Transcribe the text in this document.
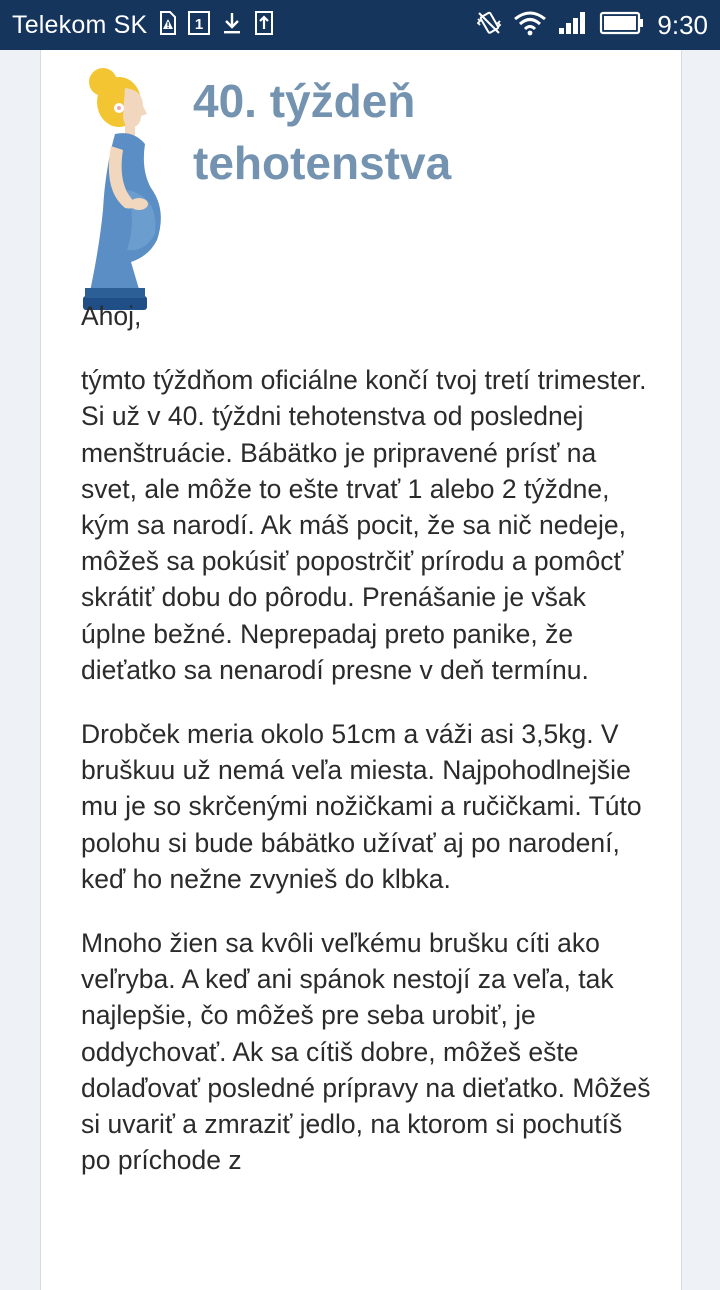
Telekom SK	1	9:30
40. týždeň
tehotenstva

Ahoj,

týmto týždňom oficiálne končí tvoj tretí trimester. Si už v 40. týždni tehotenstva od poslednej menštruácie. Bábätko je pripravené prísť na svet, ale môže to ešte trvať 1 alebo 2 týždne, kým sa narodí. Ak máš pocit, že sa nič nedeje, môžeš sa pokúsiť popostrčiť prírodu a pomôcť skrátiť dobu do pôrodu. Prenášanie je však úplne bežné. Neprepadaj preto panike, že dieťatko sa nenarodí presne v deň termínu.

Drobček meria okolo 51cm a váži asi 3,5kg. V bruškuu už nemá veľa miesta. Najpohodlnejšie mu je so skrčenými nožičkami a ručičkami. Túto polohu si bude bábätko užívať aj po narodení, keď ho nežne zvynieš do klbka.

Mnoho žien sa kvôli veľkému brušku cíti ako veľryba. A keď ani spánok nestojí za veľa, tak najlepšie, čo môžeš pre seba urobiť, je oddychovať. Ak sa cítiš dobre, môžeš ešte dolaďovať posledné prípravy na dieťatko. Môžeš si uvariť a zmraziť jedlo, na ktorom si pochutíš po príchode z
